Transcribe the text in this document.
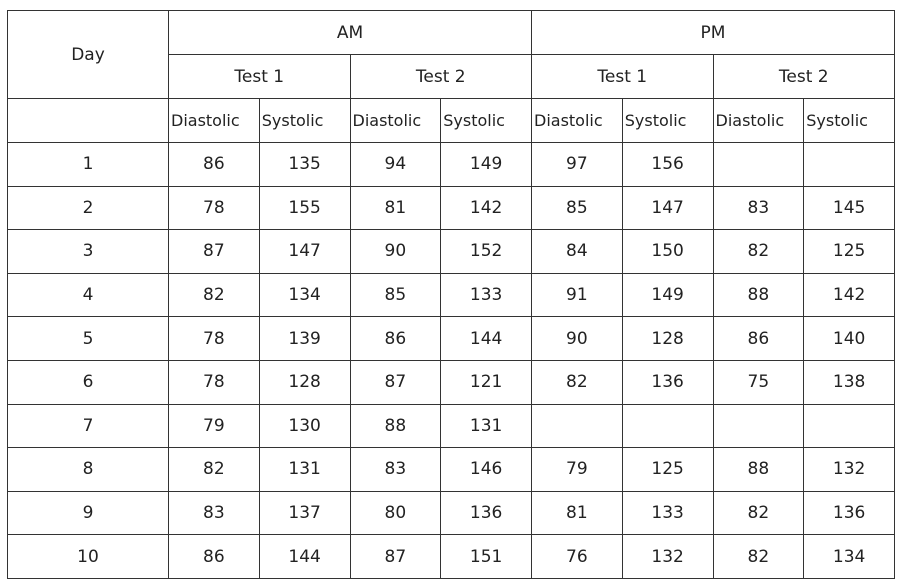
Day	AM				PM			
	Test 1		Test 2		Test 1		Test 2	
	Diastolic	Systolic	Diastolic	Systolic	Diastolic	Systolic	Diastolic	Systolic
1	86	135	94	149	97	156		
2	78	155	81	142	85	147	83	145
3	87	147	90	152	84	150	82	125
4	82	134	85	133	91	149	88	142
5	78	139	86	144	90	128	86	140
6	78	128	87	121	82	136	75	138
7	79	130	88	131				
8	82	131	83	146	79	125	88	132
9	83	137	80	136	81	133	82	136
10	86	144	87	151	76	132	82	134
